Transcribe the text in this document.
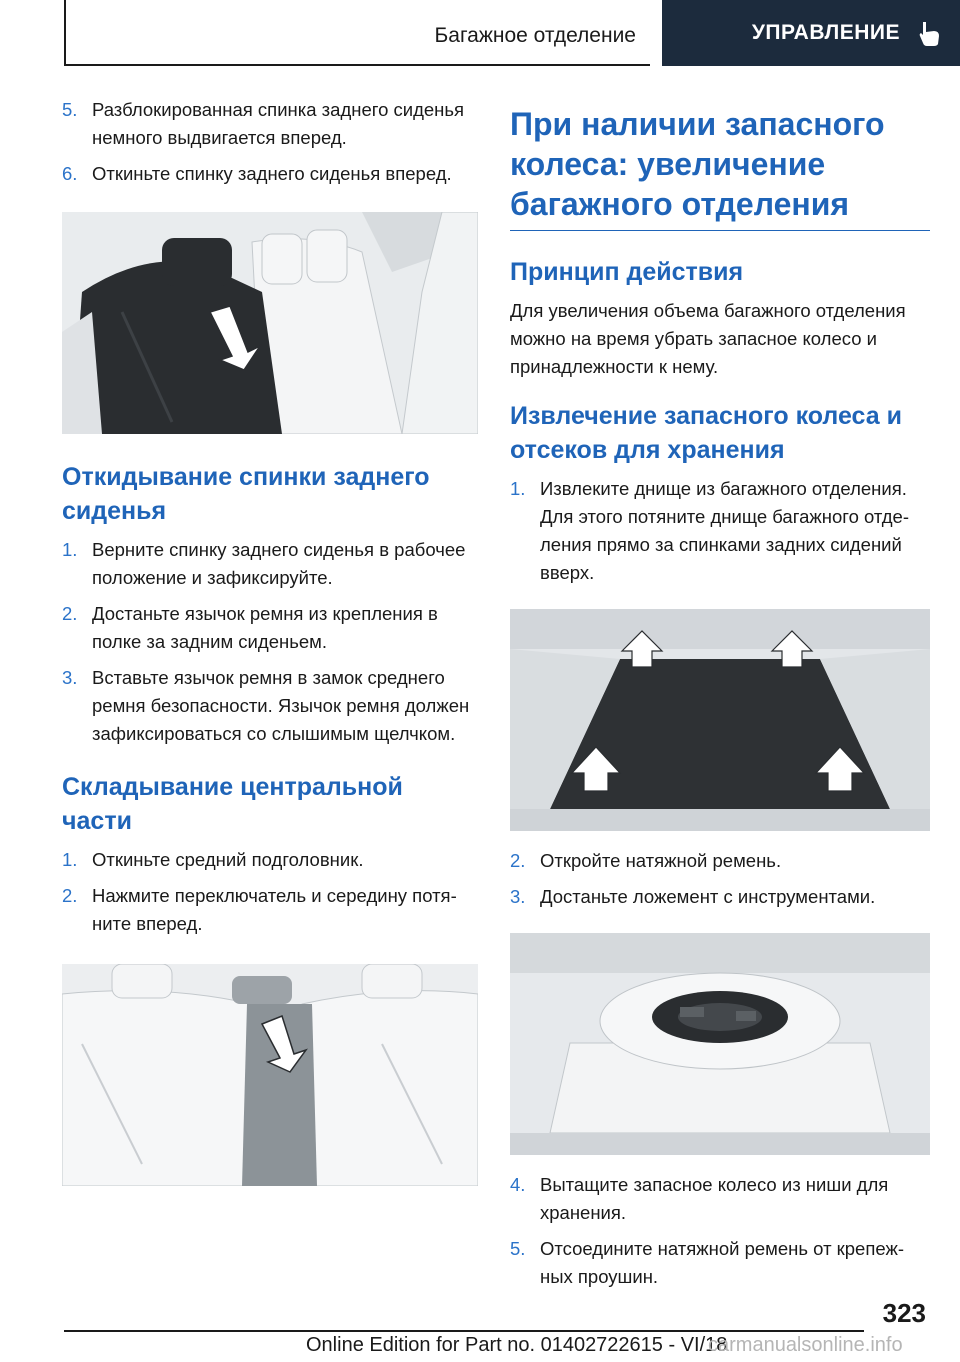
Багажное отделение	УПРАВЛЕНИЕ
5. Разблокированная спинка заднего сиденья немного выдвигается вперед.
6. Откиньте спинку заднего сиденья вперед.
Откидывание спинки заднего сиденья
1. Верните спинку заднего сиденья в рабочее положение и зафиксируйте.
2. Достаньте язычок ремня из крепления в полке за задним сиденьем.
3. Вставьте язычок ремня в замок среднего ремня безопасности. Язычок ремня должен зафиксироваться со слышимым щелчком.
Складывание центральной части
1. Откиньте средний подголовник.
2. Нажмите переключатель и середину потяните вперед.
При наличии запасного колеса: увеличение багажного отделения
Принцип действия

Для увеличения объема багажного отделения можно на время убрать запасное колесо и принадлежности к нему.

Извлечение запасного колеса и отсеков для хранения
1. Извлеките днище из багажного отделения. Для этого потяните днище багажного отделения прямо за спинками задних сидений вверх.
2. Откройте натяжной ремень.
3. Достаньте ложемент с инструментами.
4. Вытащите запасное колесо из ниши для хранения.
5. Отсоедините натяжной ремень от крепежных проушин.
323
Online Edition for Part no. 01402722615 - VI/18
carmanualsonline.info
